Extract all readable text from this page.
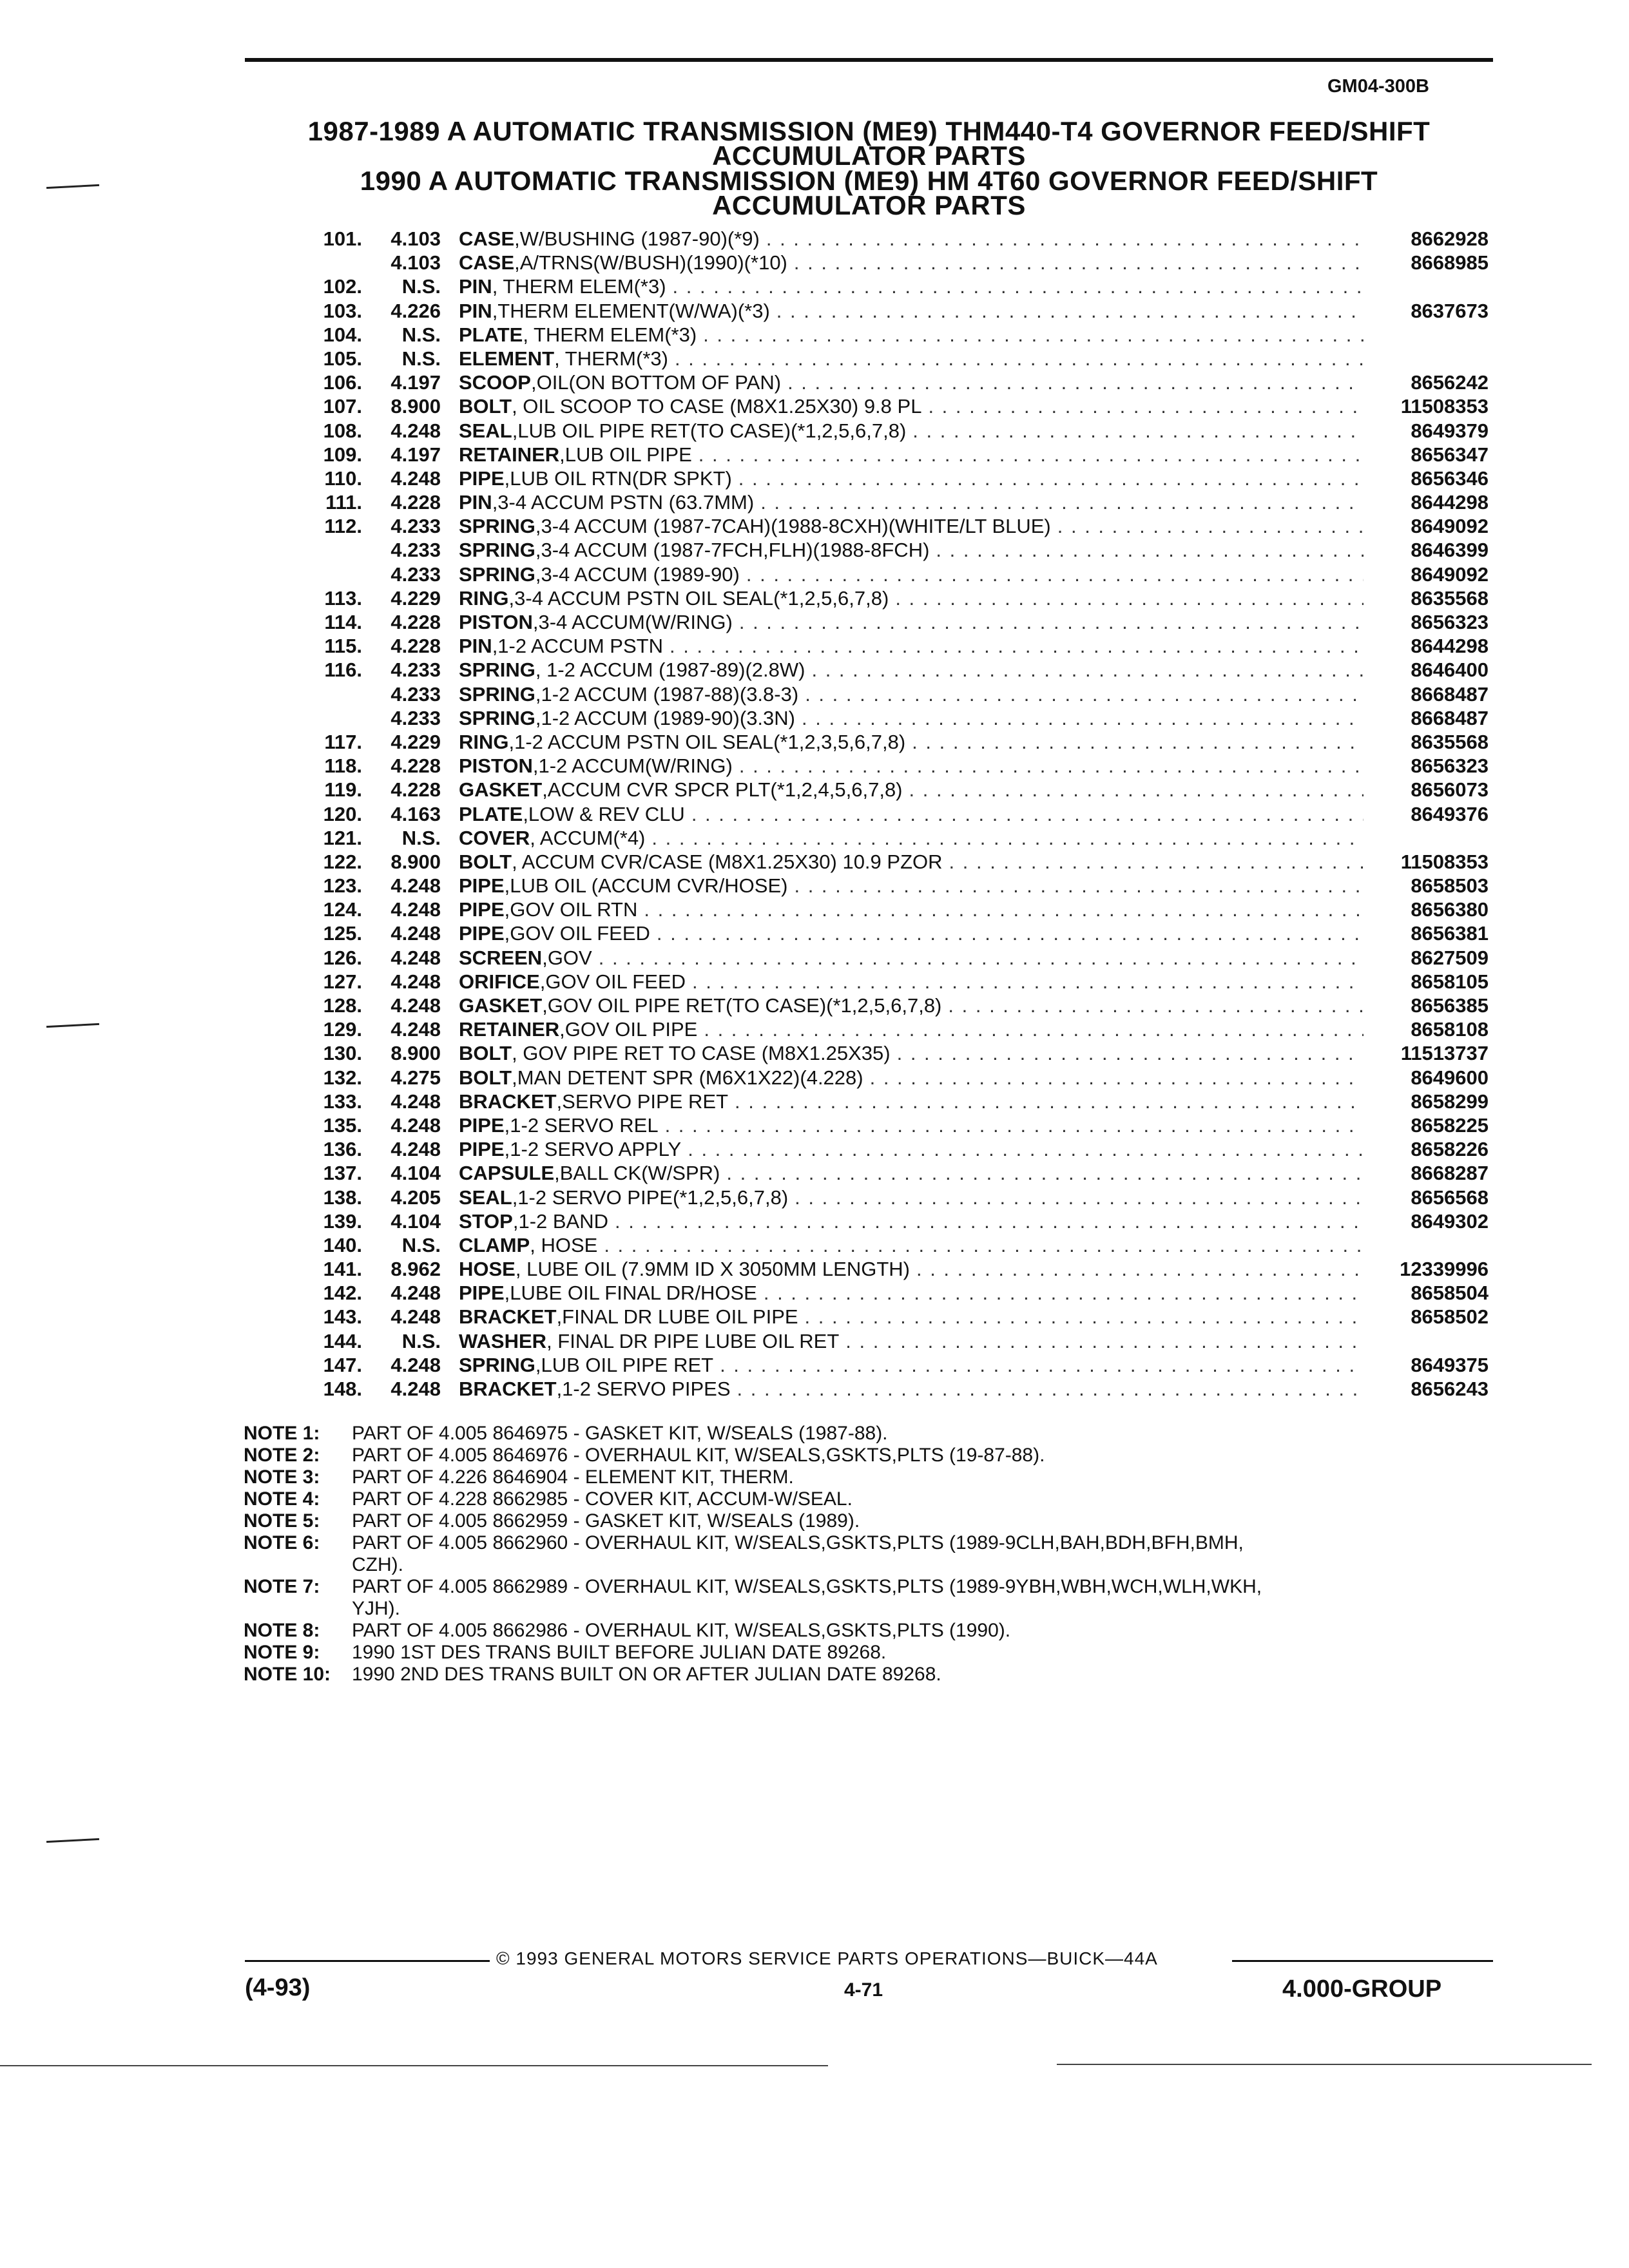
GM04-300B
1987-1989 A AUTOMATIC TRANSMISSION (ME9) THM440-T4 GOVERNOR FEED/SHIFT
ACCUMULATOR PARTS
1990 A AUTOMATIC TRANSMISSION (ME9) HM 4T60 GOVERNOR FEED/SHIFT
ACCUMULATOR PARTS
101.	4.103 CASE ,W/BUSHING (1987-90)(*9) . . .	8662928
4.103 CASE ,A/TRNS(W/BUSH)(1990)(*10) . . .	8668985
102.	N.S. PIN , THERM ELEM(*3)
. . .
103.	4.226 PIN ,THERM ELEMENT(W/WA)(*3) . . .	8637673
104.	N.S. PLATE , THERM ELEM(*3)
. . .
105.	N.S. ELEMENT , THERM(*3)
. . .
106.	4.197 SCOOP ,OIL(ON BOTTOM OF PAN) . . .	8656242
107.	8.900 BOLT , OIL SCOOP TO CASE (M8X1.25X30) 9.8 PL . . .	11508353
108.	4.248 SEAL ,LUB OIL PIPE RET(TO CASE)(*1,2,5,6,7,8) . . .	8649379
109.	4.197 RETAINER ,LUB OIL PIPE . . .	8656347
110.	4.248 PIPE ,LUB OIL RTN(DR SPKT) . . .	8656346
111.	4.228 PIN ,3-4 ACCUM PSTN (63.7MM) . . .	8644298
112.	4.233 SPRING ,3-4 ACCUM (1987-7CAH)(1988-8CXH)(WHITE/LT BLUE) . . .	8649092
4.233 SPRING ,3-4 ACCUM (1987-7FCH,FLH)(1988-8FCH) . . .	8646399
4.233 SPRING ,3-4 ACCUM (1989-90) . . .	8649092
113.	4.229 RING ,3-4 ACCUM PSTN OIL SEAL(*1,2,5,6,7,8) . . .	8635568
114.	4.228 PISTON ,3-4 ACCUM(W/RING) . . .	8656323
115.	4.228 PIN ,1-2 ACCUM PSTN . . .	8644298
116.	4.233 SPRING , 1-2 ACCUM (1987-89)(2.8W) . . .	8646400
4.233 SPRING ,1-2 ACCUM (1987-88)(3.8-3) . . .	8668487
4.233 SPRING ,1-2 ACCUM (1989-90)(3.3N) . . .	8668487
117.	4.229 RING ,1-2 ACCUM PSTN OIL SEAL(*1,2,3,5,6,7,8) . . .	8635568
118.	4.228 PISTON ,1-2 ACCUM(W/RING) . . .	8656323
119.	4.228 GASKET ,ACCUM CVR SPCR PLT(*1,2,4,5,6,7,8) . . .	8656073
120.	4.163 PLATE ,LOW & REV CLU . . .	8649376
121.	N.S. COVER , ACCUM(*4)
. . .
122.	8.900 BOLT , ACCUM CVR/CASE (M8X1.25X30) 10.9 PZOR . . .	11508353
123.	4.248 PIPE ,LUB OIL (ACCUM CVR/HOSE) . . .	8658503
124.	4.248 PIPE ,GOV OIL RTN . . .	8656380
125.	4.248 PIPE ,GOV OIL FEED . . .	8656381
126.	4.248 SCREEN ,GOV . . .	8627509
127.	4.248 ORIFICE ,GOV OIL FEED . . .	8658105
128.	4.248 GASKET ,GOV OIL PIPE RET(TO CASE)(*1,2,5,6,7,8) . . .	8656385
129.	4.248 RETAINER ,GOV OIL PIPE . . .	8658108
130.	8.900 BOLT , GOV PIPE RET TO CASE (M8X1.25X35) . . .	11513737
132.	4.275 BOLT ,MAN DETENT SPR (M6X1X22)(4.228) . . .	8649600
133.	4.248 BRACKET ,SERVO PIPE RET . . .	8658299
135.	4.248 PIPE ,1-2 SERVO REL . . .	8658225
136.	4.248 PIPE ,1-2 SERVO APPLY . . .	8658226
137.	4.104 CAPSULE ,BALL CK(W/SPR) . . .	8668287
138.	4.205 SEAL ,1-2 SERVO PIPE(*1,2,5,6,7,8) . . .	8656568
139.	4.104 STOP ,1-2 BAND . . .	8649302
140.	N.S. CLAMP , HOSE
. . .
141.	8.962 HOSE , LUBE OIL (7.9MM ID X 3050MM LENGTH) . . .	12339996
142.	4.248 PIPE ,LUBE OIL FINAL DR/HOSE . . .	8658504
143.	4.248 BRACKET ,FINAL DR LUBE OIL PIPE . . .	8658502
144.	N.S. WASHER , FINAL DR PIPE LUBE OIL RET
. . .
147.	4.248 SPRING ,LUB OIL PIPE RET . . .	8649375
148.	4.248 BRACKET ,1-2 SERVO PIPES . . .	8656243
NOTE 1:	PART OF 4.005 8646975 - GASKET KIT, W/SEALS (1987-88).
NOTE 2:	PART OF 4.005 8646976 - OVERHAUL KIT, W/SEALS,GSKTS,PLTS (19-87-88).
NOTE 3:	PART OF 4.226 8646904 - ELEMENT KIT, THERM.
NOTE 4:	PART OF 4.228 8662985 - COVER KIT, ACCUM-W/SEAL.
NOTE 5:	PART OF 4.005 8662959 - GASKET KIT, W/SEALS (1989).
NOTE 6:	PART OF 4.005 8662960 - OVERHAUL KIT, W/SEALS,GSKTS,PLTS (1989-9CLH,BAH,BDH,BFH,BMH,
CZH).
NOTE 7:	PART OF 4.005 8662989 - OVERHAUL KIT, W/SEALS,GSKTS,PLTS (1989-9YBH,WBH,WCH,WLH,WKH,
YJH).
NOTE 8:	PART OF 4.005 8662986 - OVERHAUL KIT, W/SEALS,GSKTS,PLTS (1990).
NOTE 9:	1990 1ST DES TRANS BUILT BEFORE JULIAN DATE 89268.
NOTE 10:	1990 2ND DES TRANS BUILT ON OR AFTER JULIAN DATE 89268.
© 1993 GENERAL MOTORS SERVICE PARTS OPERATIONS—BUICK—44A
(4-93)	4-71	4.000-GROUP
